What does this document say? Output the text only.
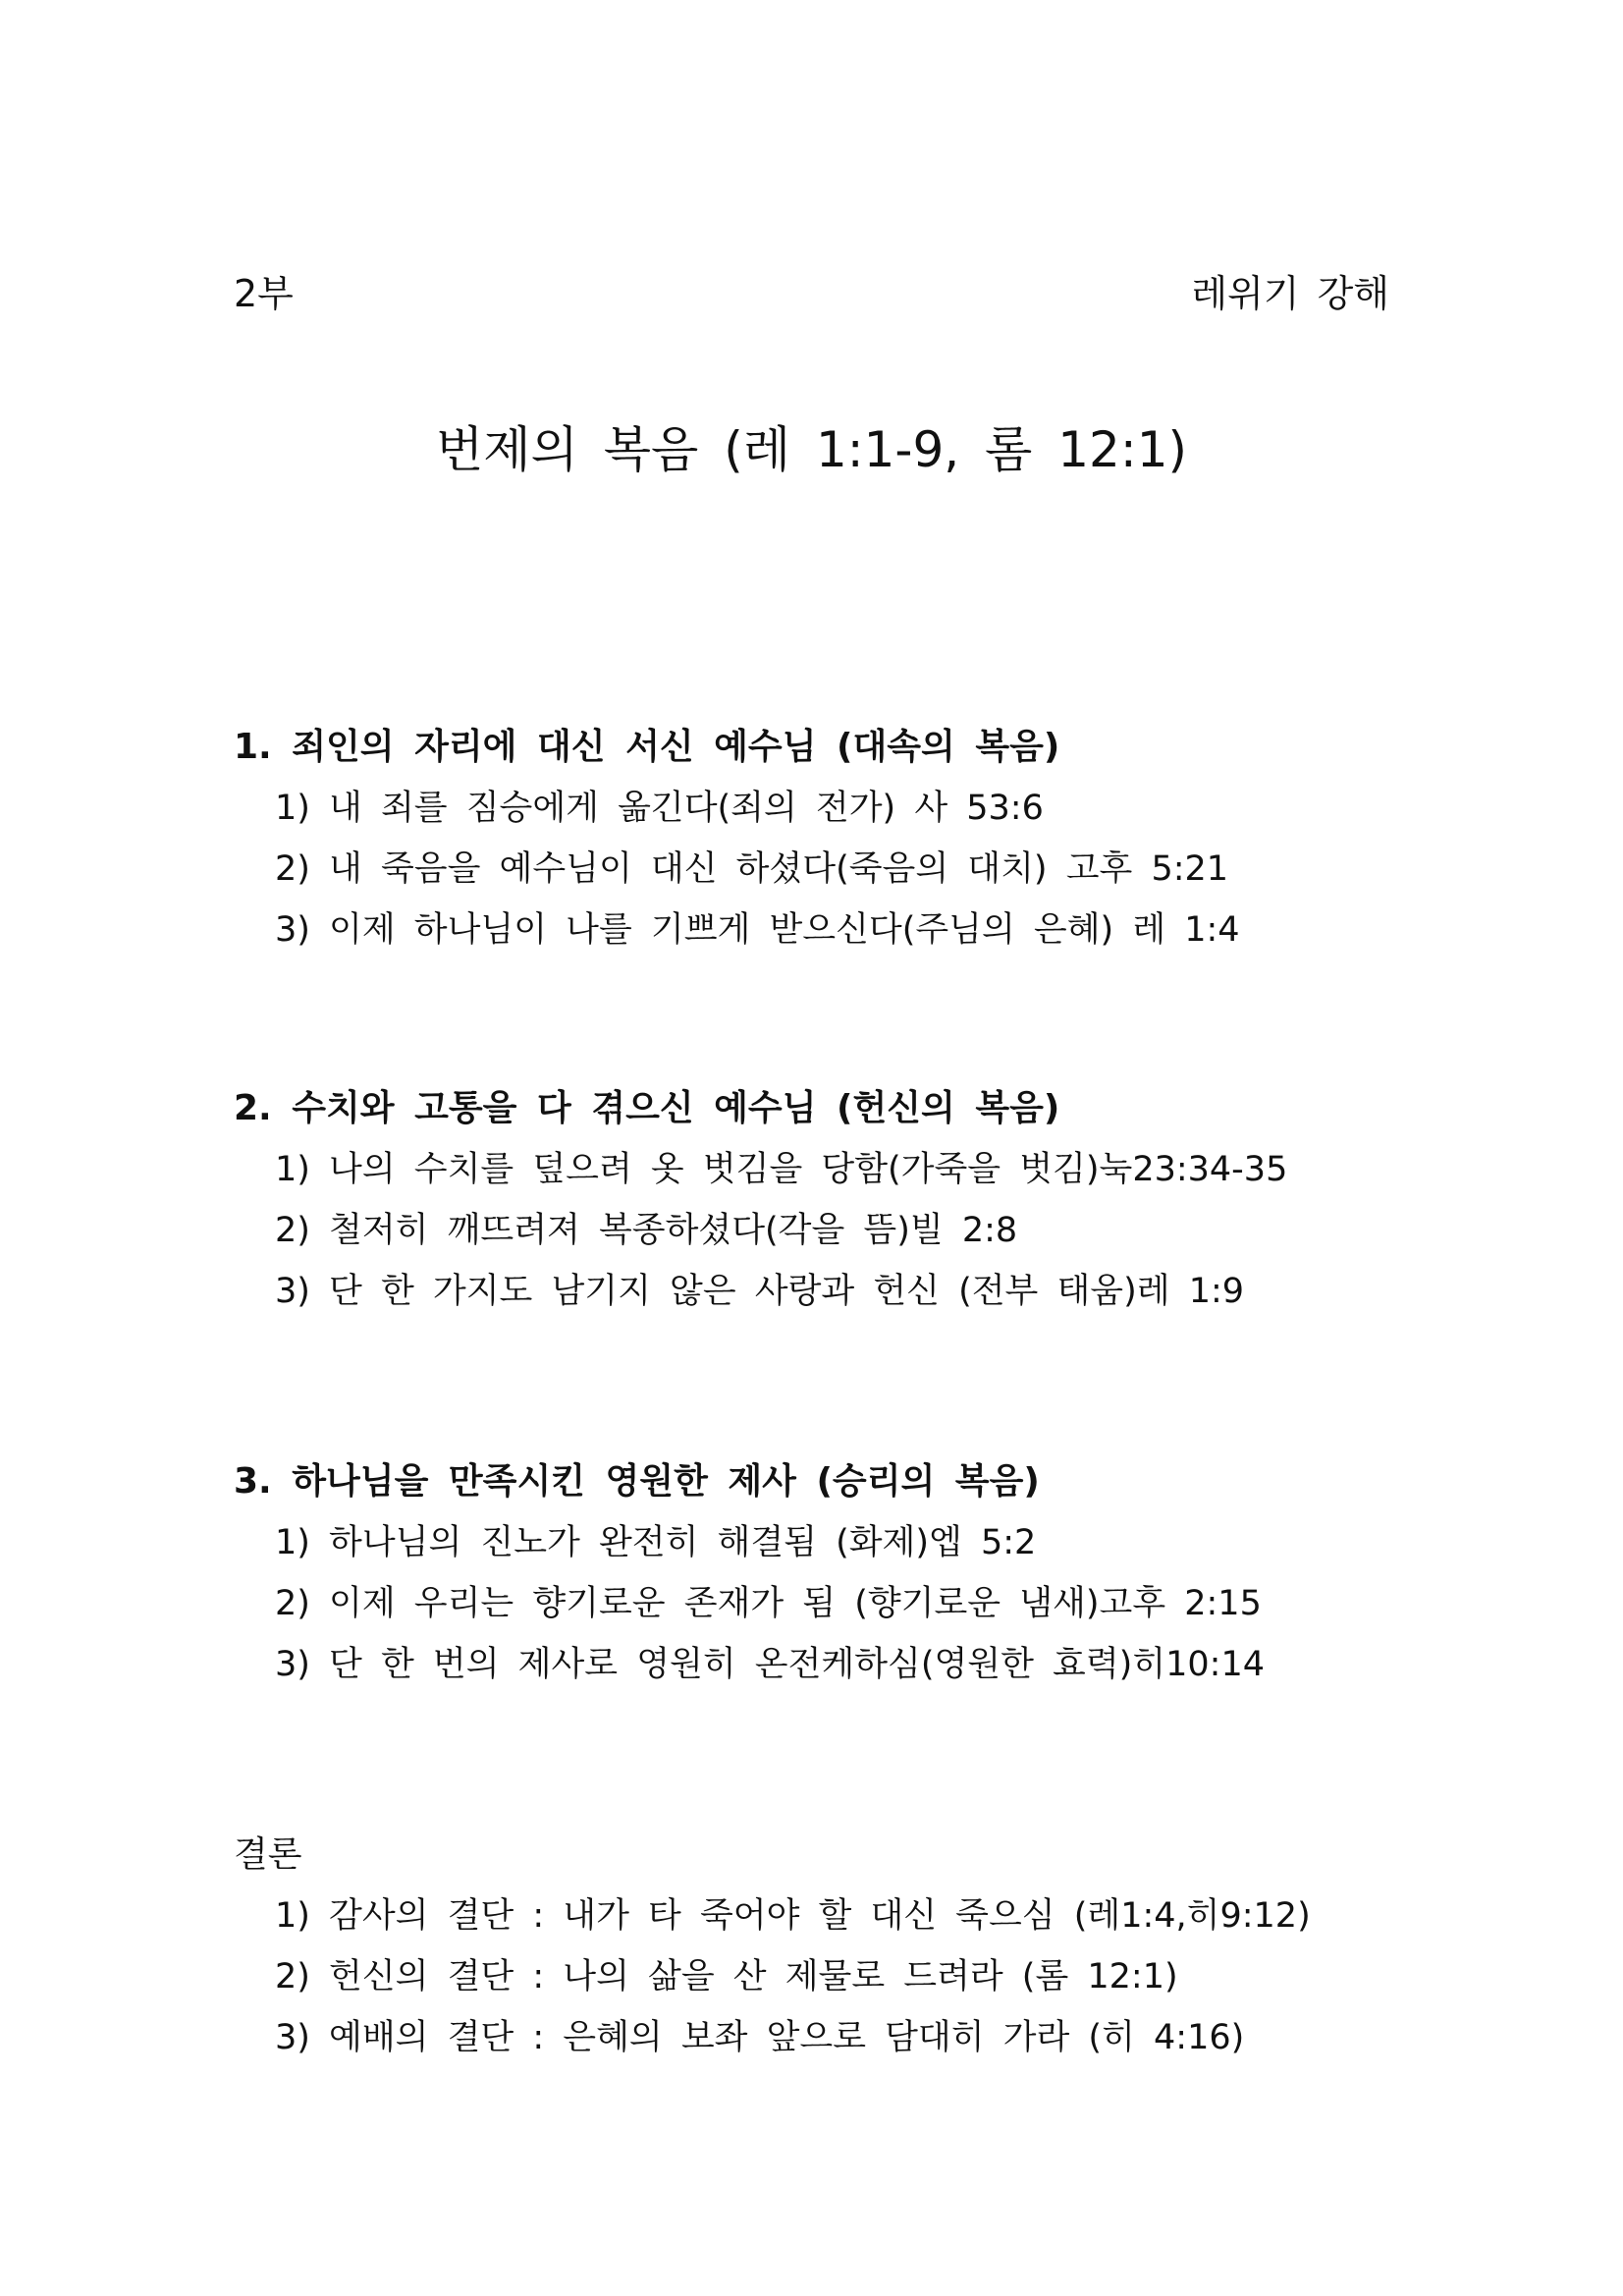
2부	레위기 강해
번제의 복음 (레 1:1-9, 롬 12:1)
1. 죄인의 자리에 대신 서신 예수님 (대속의 복음)
1) 내 죄를 짐승에게 옮긴다(죄의 전가) 사 53:6
2) 내 죽음을 예수님이 대신 하셨다(죽음의 대치) 고후 5:21
3) 이제 하나님이 나를 기쁘게 받으신다(주님의 은혜) 레 1:4
2. 수치와 고통을 다 겪으신 예수님 (헌신의 복음)
1) 나의 수치를 덮으려 옷 벗김을 당함(가죽을 벗김)눅23:34-35
2) 철저히 깨뜨려져 복종하셨다(각을 뜸)빌 2:8
3) 단 한 가지도 남기지 않은 사랑과 헌신 (전부 태움)레 1:9
3. 하나님을 만족시킨 영원한 제사 (승리의 복음)
1) 하나님의 진노가 완전히 해결됨 (화제)엡 5:2
2) 이제 우리는 향기로운 존재가 됨 (향기로운 냄새)고후 2:15
3) 단 한 번의 제사로 영원히 온전케하심(영원한 효력)히10:14
결론
1) 감사의 결단 : 내가 타 죽어야 할 대신 죽으심 (레1:4,히9:12)
2) 헌신의 결단 : 나의 삶을 산 제물로 드려라 (롬 12:1)
3) 예배의 결단 : 은혜의 보좌 앞으로 담대히 가라 (히 4:16)
